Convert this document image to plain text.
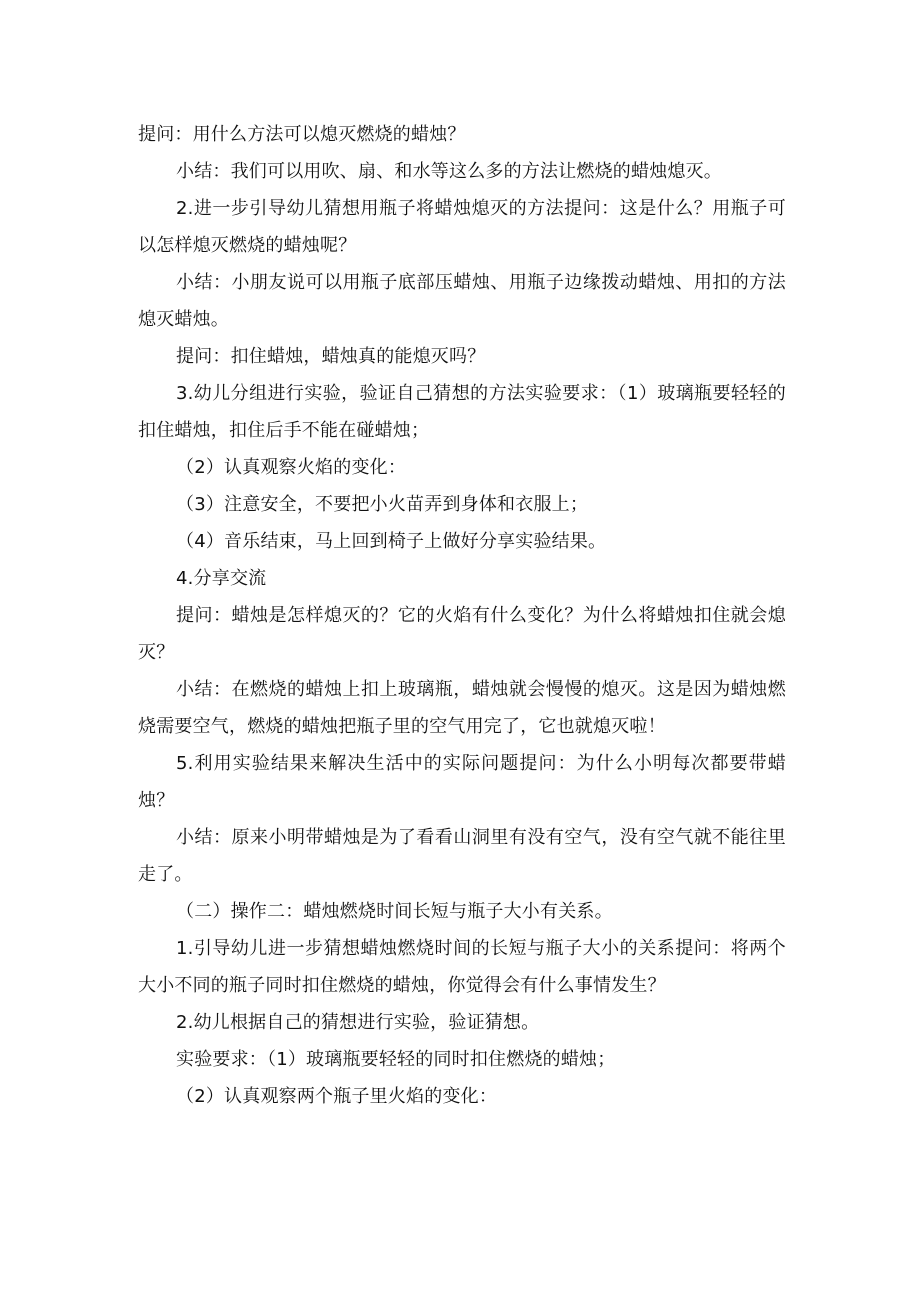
提问：用什么方法可以熄灭燃烧的蜡烛？

小结：我们可以用吹、扇、和水等这么多的方法让燃烧的蜡烛熄灭。

2.进一步引导幼儿猜想用瓶子将蜡烛熄灭的方法提问：这是什么？用瓶子可以怎样熄灭燃烧的蜡烛呢？

小结：小朋友说可以用瓶子底部压蜡烛、用瓶子边缘拨动蜡烛、用扣的方法熄灭蜡烛。

提问：扣住蜡烛，蜡烛真的能熄灭吗？

3.幼儿分组进行实验，验证自己猜想的方法实验要求：（1）玻璃瓶要轻轻的扣住蜡烛，扣住后手不能在碰蜡烛；

（2）认真观察火焰的变化：

（3）注意安全，不要把小火苗弄到身体和衣服上；

（4）音乐结束，马上回到椅子上做好分享实验结果。

4.分享交流

提问：蜡烛是怎样熄灭的？它的火焰有什么变化？为什么将蜡烛扣住就会熄灭？

小结：在燃烧的蜡烛上扣上玻璃瓶，蜡烛就会慢慢的熄灭。这是因为蜡烛燃烧需要空气，燃烧的蜡烛把瓶子里的空气用完了，它也就熄灭啦！

5.利用实验结果来解决生活中的实际问题提问：为什么小明每次都要带蜡烛？

小结：原来小明带蜡烛是为了看看山洞里有没有空气，没有空气就不能往里走了。

（二）操作二：蜡烛燃烧时间长短与瓶子大小有关系。

1.引导幼儿进一步猜想蜡烛燃烧时间的长短与瓶子大小的关系提问：将两个大小不同的瓶子同时扣住燃烧的蜡烛，你觉得会有什么事情发生？

2.幼儿根据自己的猜想进行实验，验证猜想。

实验要求：（1）玻璃瓶要轻轻的同时扣住燃烧的蜡烛；

（2）认真观察两个瓶子里火焰的变化：
